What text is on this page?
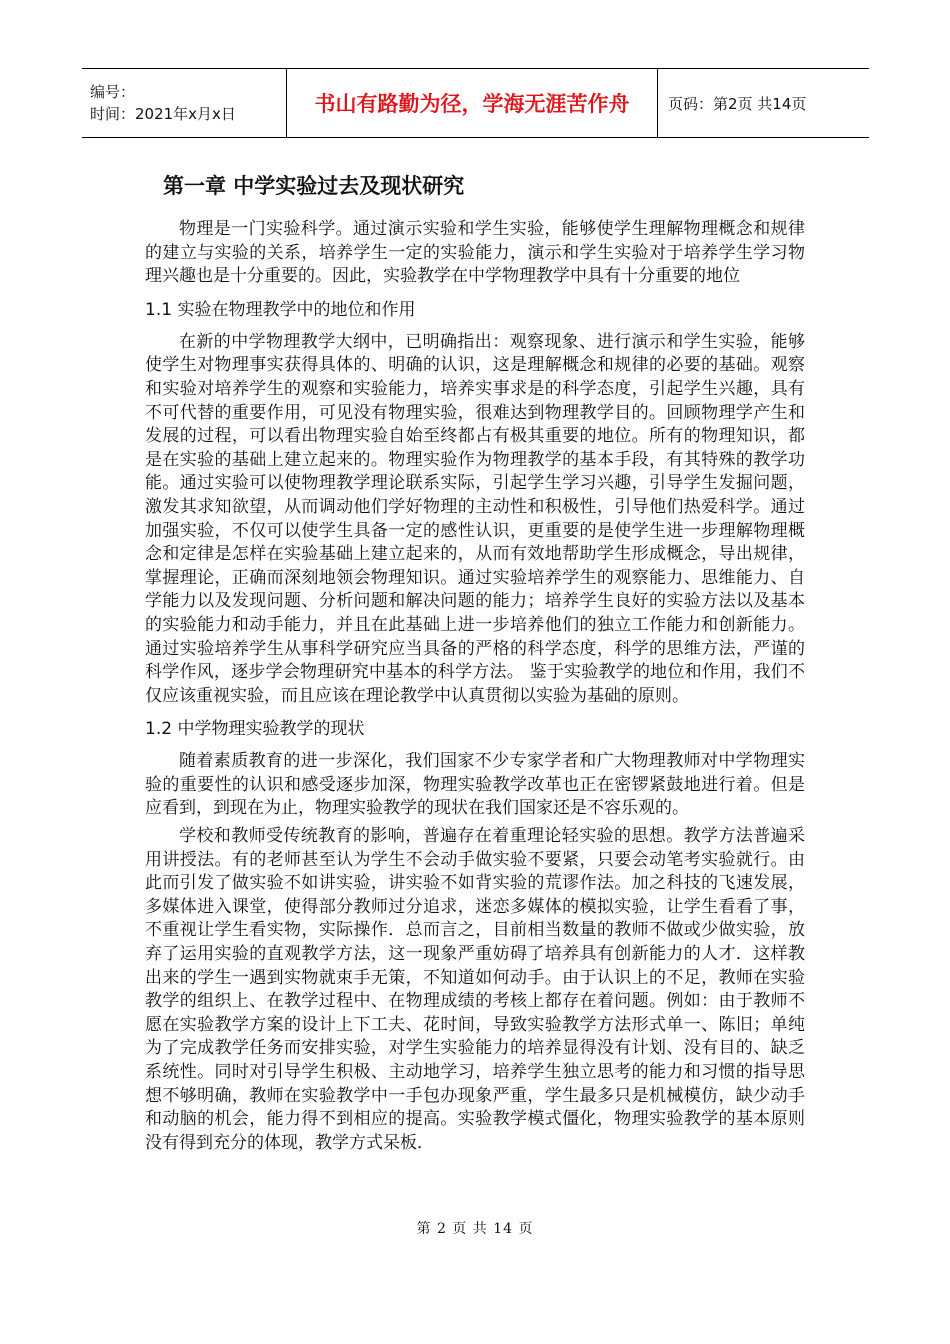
编号：
时间：2021年x月x日	书山有路勤为径，学海无涯苦作舟	页码：第2页 共14页
第一章 中学实验过去及现状研究

物理是一门实验科学。通过演示实验和学生实验，能够使学生理解物理概念和规律的建立与实验的关系，培养学生一定的实验能力，演示和学生实验对于培养学生学习物理兴趣也是十分重要的。因此，实验教学在中学物理教学中具有十分重要的地位

1.1 实验在物理教学中的地位和作用

在新的中学物理教学大纲中，已明确指出：观察现象、进行演示和学生实验，能够使学生对物理事实获得具体的、明确的认识，这是理解概念和规律的必要的基础。观察和实验对培养学生的观察和实验能力，培养实事求是的科学态度，引起学生兴趣，具有不可代替的重要作用，可见没有物理实验，很难达到物理教学目的。回顾物理学产生和发展的过程，可以看出物理实验自始至终都占有极其重要的地位。所有的物理知识，都是在实验的基础上建立起来的。物理实验作为物理教学的基本手段，有其特殊的教学功能。通过实验可以使物理教学理论联系实际，引起学生学习兴趣，引导学生发掘问题，激发其求知欲望，从而调动他们学好物理的主动性和积极性，引导他们热爱科学。通过加强实验，不仅可以使学生具备一定的感性认识，更重要的是使学生进一步理解物理概念和定律是怎样在实验基础上建立起来的，从而有效地帮助学生形成概念，导出规律，掌握理论，正确而深刻地领会物理知识。通过实验培养学生的观察能力、思维能力、自学能力以及发现问题、分析问题和解决问题的能力；培养学生良好的实验方法以及基本的实验能力和动手能力，并且在此基础上进一步培养他们的独立工作能力和创新能力。通过实验培养学生从事科学研究应当具备的严格的科学态度，科学的思维方法，严谨的科学作风，逐步学会物理研究中基本的科学方法。 鉴于实验教学的地位和作用，我们不仅应该重视实验，而且应该在理论教学中认真贯彻以实验为基础的原则。

1.2 中学物理实验教学的现状

随着素质教育的进一步深化，我们国家不少专家学者和广大物理教师对中学物理实验的重要性的认识和感受逐步加深，物理实验教学改革也正在密锣紧鼓地进行着。但是应看到，到现在为止，物理实验教学的现状在我们国家还是不容乐观的。

学校和教师受传统教育的影响，普遍存在着重理论轻实验的思想。教学方法普遍采用讲授法。有的老师甚至认为学生不会动手做实验不要紧，只要会动笔考实验就行。由此而引发了做实验不如讲实验，讲实验不如背实验的荒谬作法。加之科技的飞速发展，多媒体进入课堂，使得部分教师过分追求，迷恋多媒体的模拟实验，让学生看看了事，不重视让学生看实物，实际操作．总而言之，目前相当数量的教师不做或少做实验，放弃了运用实验的直观教学方法，这一现象严重妨碍了培养具有创新能力的人才．这样教出来的学生一遇到实物就束手无策，不知道如何动手。由于认识上的不足，教师在实验教学的组织上、在教学过程中、在物理成绩的考核上都存在着问题。例如：由于教师不愿在实验教学方案的设计上下工夫、花时间，导致实验教学方法形式单一、陈旧；单纯为了完成教学任务而安排实验，对学生实验能力的培养显得没有计划、没有目的、缺乏系统性。同时对引导学生积极、主动地学习，培养学生独立思考的能力和习惯的指导思想不够明确，教师在实验教学中一手包办现象严重，学生最多只是机械模仿，缺少动手和动脑的机会，能力得不到相应的提高。实验教学模式僵化，物理实验教学的基本原则没有得到充分的体现，教学方式呆板．

第 2 页 共 14 页
